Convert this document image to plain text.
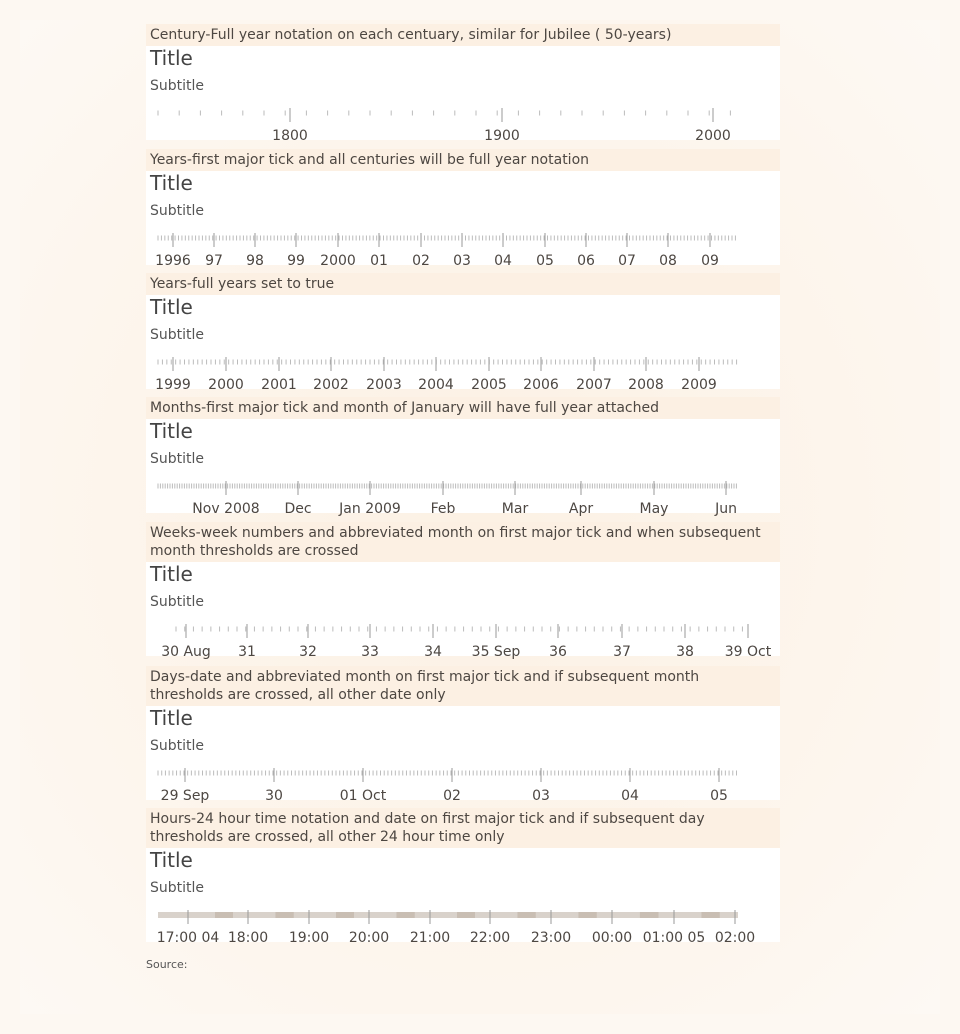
Century-Full year notation on each centuary, similar for Jubilee ( 50-years)
Title
Subtitle
1800	1900	2000
Years-first major tick and all centuries will be full year notation
Title
Subtitle
1996 97 98 99 2000 01 02 03 04 05 06 07 08 09
Years-full years set to true
Title
Subtitle
1999 2000 2001 2002 2003 2004 2005 2006 2007 2008 2009
Months-first major tick and month of January will have full year attached
Title
Subtitle
Nov 2008 Dec Jan 2009 Feb	Mar	Apr	May	Jun
Weeks-week numbers and abbreviated month on first major tick and when subsequent month thresholds are crossed
Title
Subtitle
30 Aug 31	32	33	34 35 Sep 36	37	38 39 Oct
Days-date and abbreviated month on first major tick and if subsequent month thresholds are crossed, all other date only
Title
Subtitle
29 Sep	30	01 Oct	02	03	04	05
Hours-24 hour time notation and date on first major tick and if subsequent day thresholds are crossed, all other 24 hour time only
Title
Subtitle
17:00 04 18:00 19:00 20:00 21:00 22:00 23:00 00:00 01:00 05 02:00
Source:
